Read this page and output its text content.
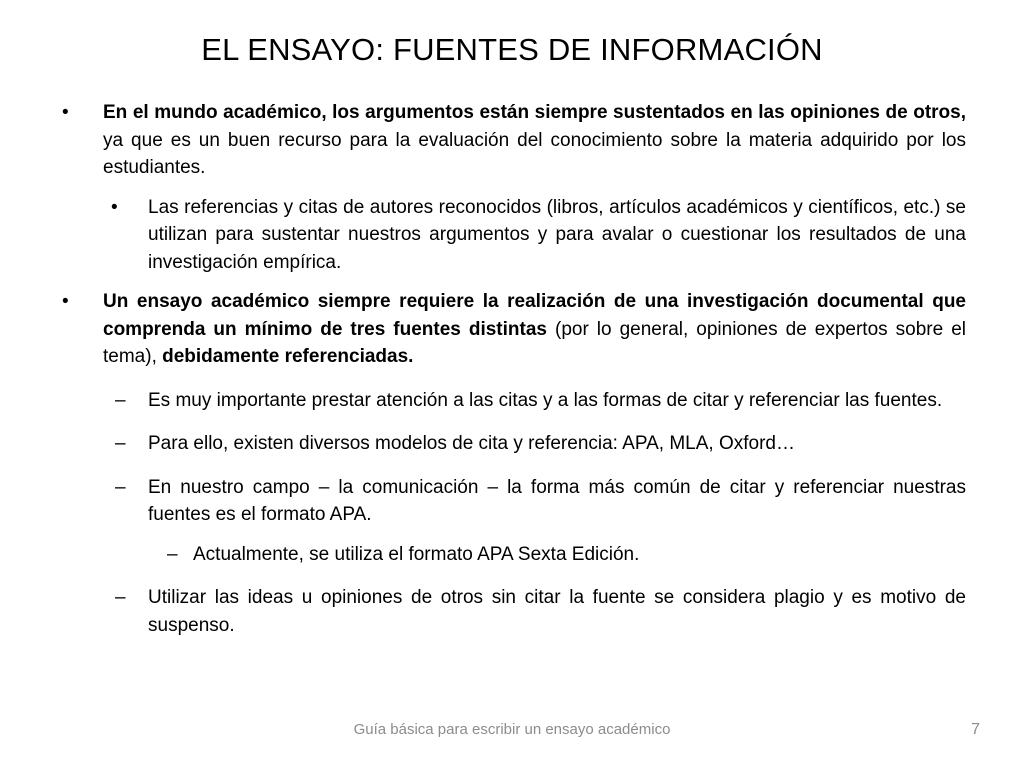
EL ENSAYO: FUENTES DE INFORMACIÓN
• En el mundo académico, los argumentos están siempre sustentados en las opiniones de otros, ya que es un buen recurso para la evaluación del conocimiento sobre la materia adquirido por los estudiantes.
• Las referencias y citas de autores reconocidos (libros, artículos académicos y científicos, etc.) se utilizan para sustentar nuestros argumentos y para avalar o cuestionar los resultados de una investigación empírica.
• Un ensayo académico siempre requiere la realización de una investigación documental que comprenda un mínimo de tres fuentes distintas (por lo general, opiniones de expertos sobre el tema), debidamente referenciadas.
– Es muy importante prestar atención a las citas y a las formas de citar y referenciar las fuentes.
– Para ello, existen diversos modelos de cita y referencia: APA, MLA, Oxford…
– En nuestro campo – la comunicación – la forma más común de citar y referenciar nuestras fuentes es el formato APA.
– Actualmente, se utiliza el formato APA Sexta Edición.
– Utilizar las ideas u opiniones de otros sin citar la fuente se considera plagio y es motivo de suspenso.
Guía básica para escribir un ensayo académico	7
